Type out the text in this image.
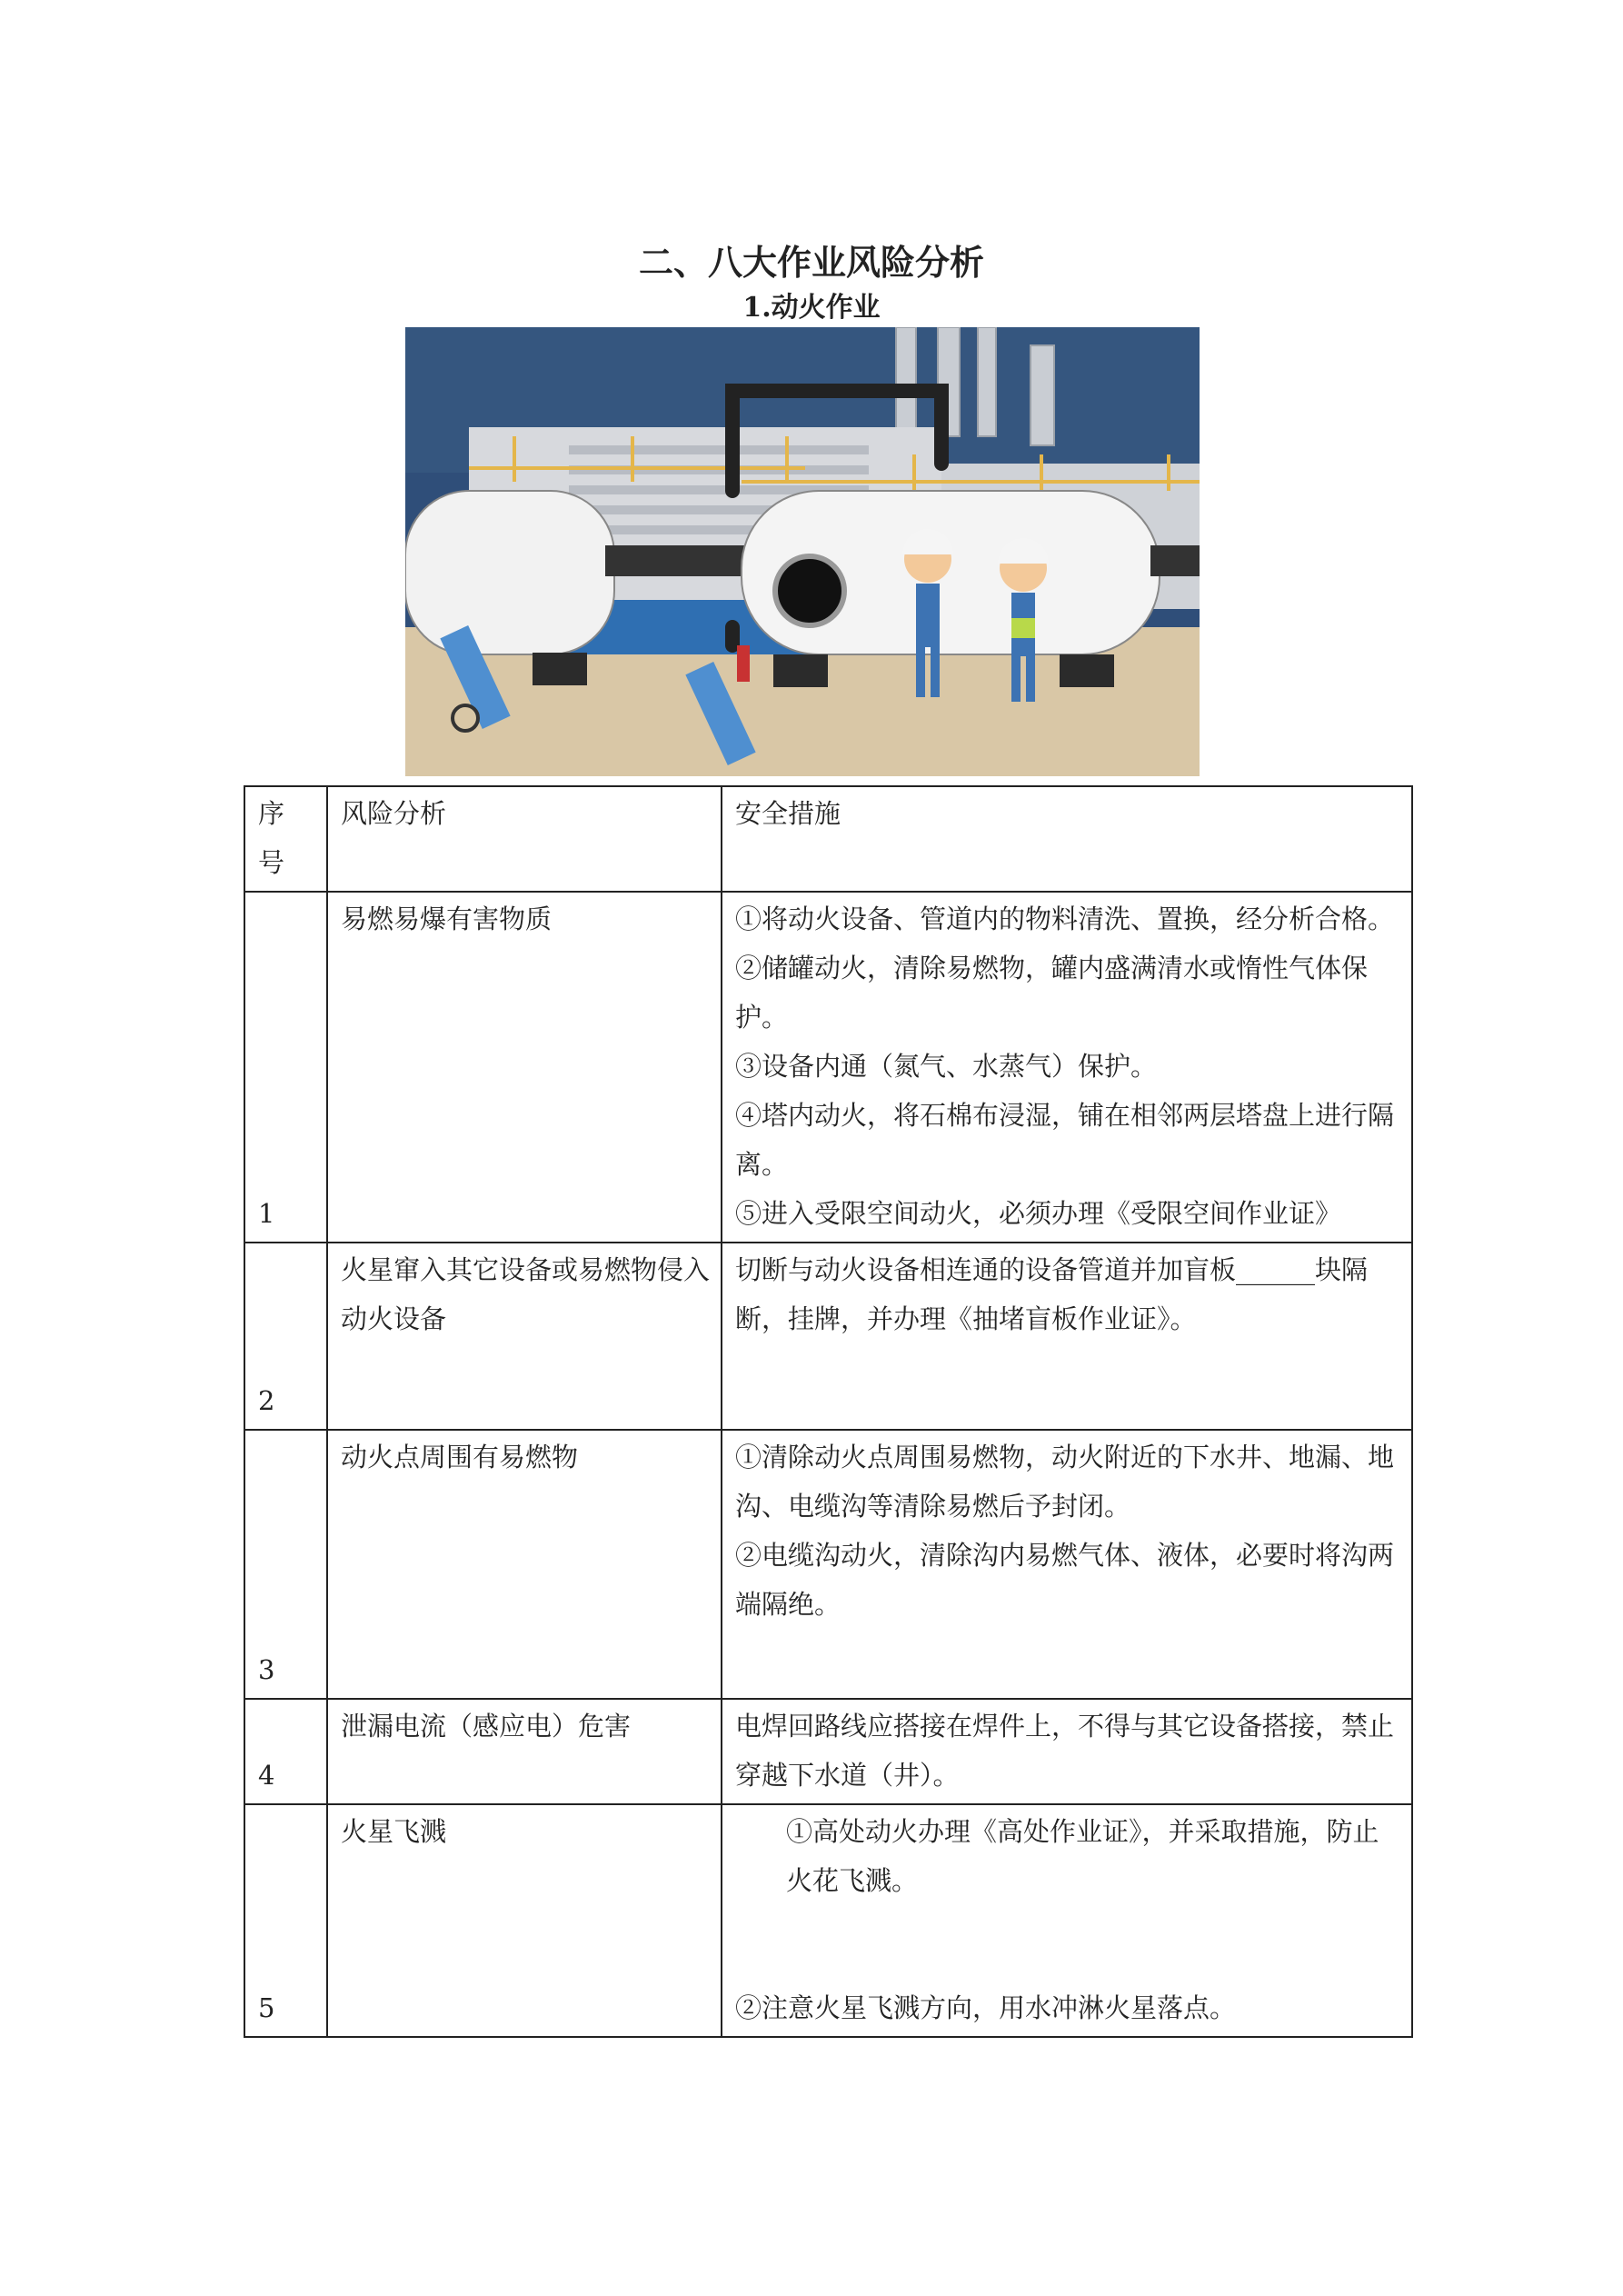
二、八大作业风险分析
1.动火作业
序
号	风险分析	安全措施

1	易燃易爆有害物质	①将动火设备、管道内的物料清洗、置换，经分析合格。

②储罐动火，清除易燃物，罐内盛满清水或惰性气体保护。

③设备内通（氮气、水蒸气）保护。

④塔内动火，将石棉布浸湿，铺在相邻两层塔盘上进行隔离。

⑤进入受限空间动火，必须办理《受限空间作业证》

2	火星窜入其它设备或易燃物侵入动火设备	切断与动火设备相连通的设备管道并加盲板______块隔断，挂牌，并办理《抽堵盲板作业证》。

3	动火点周围有易燃物	①清除动火点周围易燃物，动火附近的下水井、地漏、地沟、电缆沟等清除易燃后予封闭。

②电缆沟动火，清除沟内易燃气体、液体，必要时将沟两端隔绝。

4	泄漏电流（感应电）危害	电焊回路线应搭接在焊件上，不得与其它设备搭接，禁止穿越下水道（井）。

5	火星飞溅	①高处动火办理《高处作业证》，并采取措施，防止火花飞溅。

②注意火星飞溅方向，用水冲淋火星落点。
